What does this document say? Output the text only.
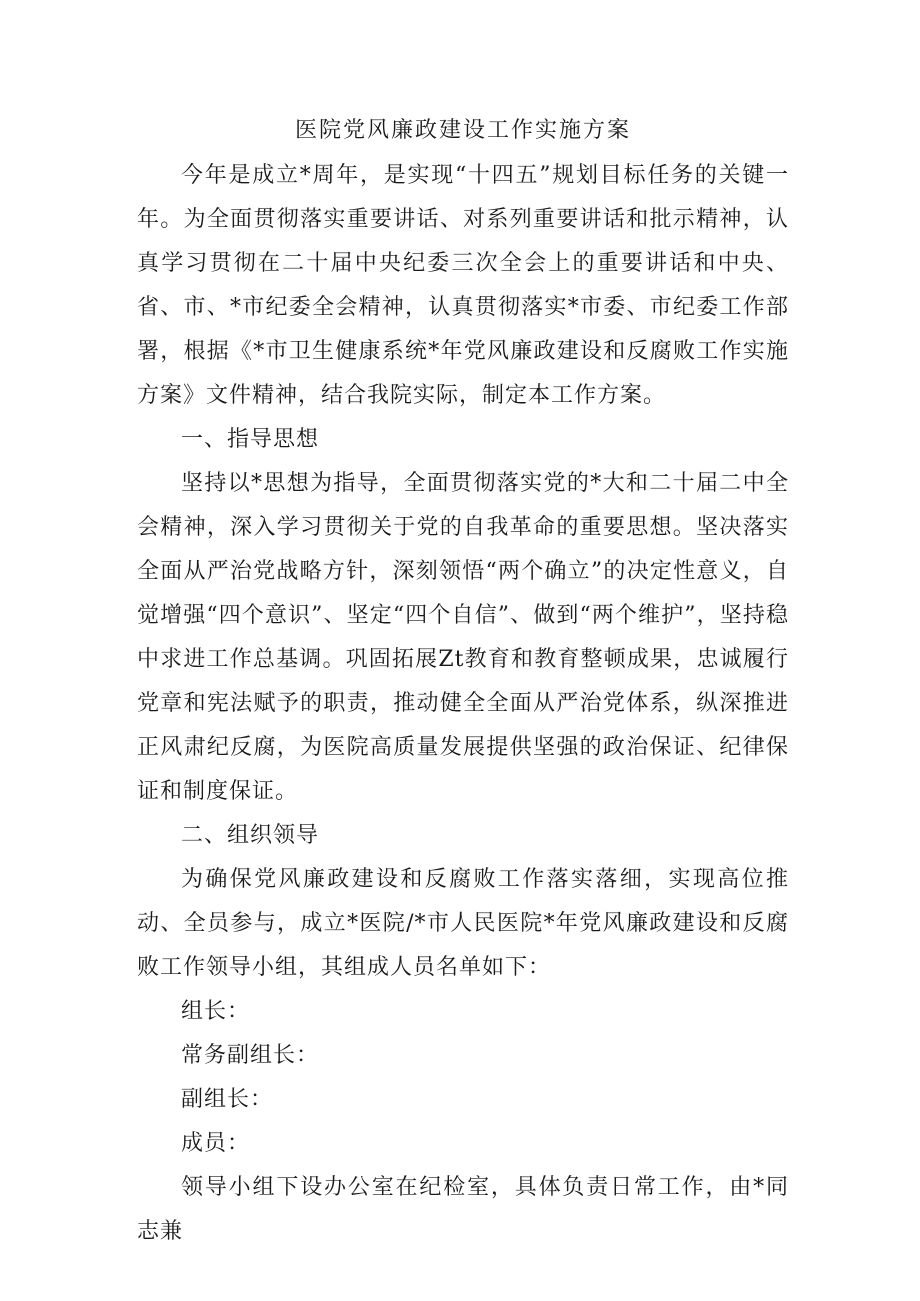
医院党风廉政建设工作实施方案

今年是成立*周年，是实现“十四五”规划目标任务的关键一年。为全面贯彻落实重要讲话、对系列重要讲话和批示精神，认真学习贯彻在二十届中央纪委三次全会上的重要讲话和中央、省、市、*市纪委全会精神，认真贯彻落实*市委、市纪委工作部署，根据《*市卫生健康系统*年党风廉政建设和反腐败工作实施方案》文件精神，结合我院实际，制定本工作方案。

一、指导思想

坚持以*思想为指导，全面贯彻落实党的*大和二十届二中全会精神，深入学习贯彻关于党的自我革命的重要思想。坚决落实全面从严治党战略方针，深刻领悟“两个确立”的决定性意义，自觉增强“四个意识”、坚定“四个自信”、做到“两个维护”，坚持稳中求进工作总基调。巩固拓展Zt教育和教育整顿成果，忠诚履行党章和宪法赋予的职责，推动健全全面从严治党体系，纵深推进正风肃纪反腐，为医院高质量发展提供坚强的政治保证、纪律保证和制度保证。

二、组织领导

为确保党风廉政建设和反腐败工作落实落细，实现高位推动、全员参与，成立*医院/*市人民医院*年党风廉政建设和反腐败工作领导小组，其组成人员名单如下：

组长：

常务副组长：

副组长：

成员：

领导小组下设办公室在纪检室，具体负责日常工作，由*同志兼
